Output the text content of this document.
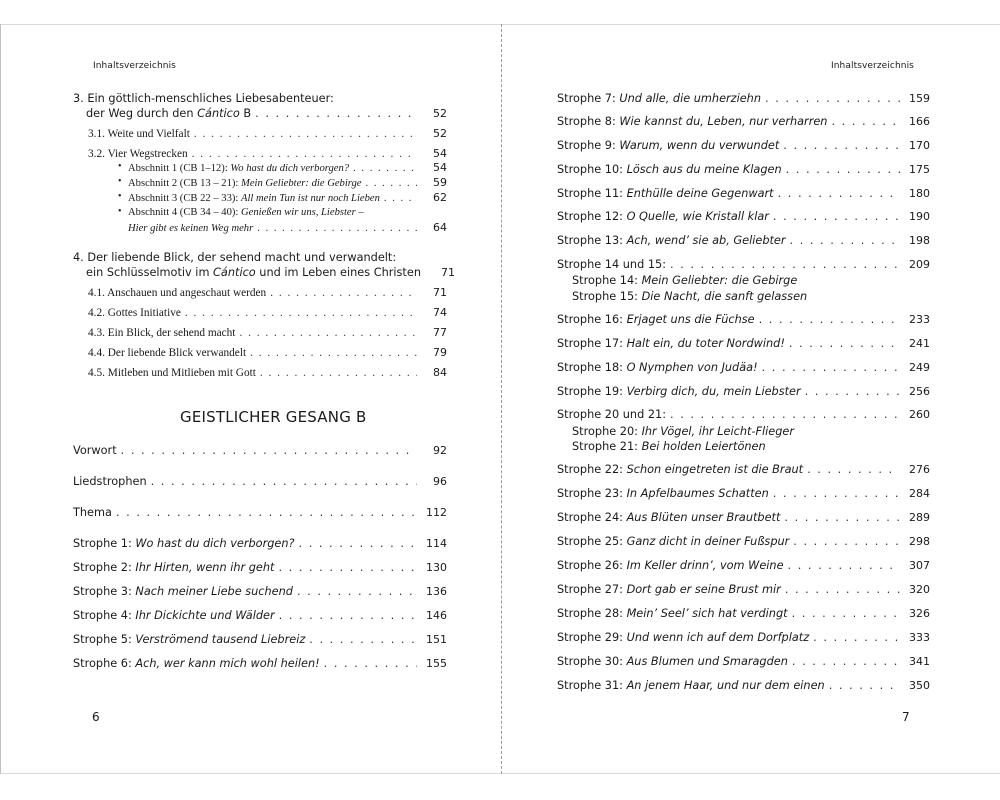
Inhaltsverzeichnis
3. Ein göttlich-menschliches Liebesabenteuer:
der Weg durch den Cántico B . . .	52
3.1. Weite und Vielfalt . . .	52
3.2. Vier Wegstrecken . . .	54
• Abschnitt 1 (CB 1–12): Wo hast du dich verborgen? . . .	54
• Abschnitt 2 (CB 13 – 21): Mein Geliebter: die Gebirge . . .	59
• Abschnitt 3 (CB 22 – 33): All mein Tun ist nur noch Lieben . . .	62
• Abschnitt 4 (CB 34 – 40): Genießen wir uns, Liebster –
Hier gibt es keinen Weg mehr . . .	64
4. Der liebende Blick, der sehend macht und verwandelt:
ein Schlüsselmotiv im Cántico und im Leben eines Christen	71
4.1. Anschauen und angeschaut werden . . .	71
4.2. Gottes Initiative . . .	74
4.3. Ein Blick, der sehend macht . . .	77
4.4. Der liebende Blick verwandelt . . .	79
4.5. Mitleben und Mitlieben mit Gott . . .	84
GEISTLICHER GESANG B
Vorwort . . .	92
Liedstrophen . . .	96
Thema . . .	112
Strophe 1: Wo hast du dich verborgen? . . .	114
Strophe 2: Ihr Hirten, wenn ihr geht . . .	130
Strophe 3: Nach meiner Liebe suchend . . .	136
Strophe 4: Ihr Dickichte und Wälder . . .	146
Strophe 5: Verströmend tausend Liebreiz . . .	151
Strophe 6: Ach, wer kann mich wohl heilen! . . .	155
6
Inhaltsverzeichnis
Strophe 7: Und alle, die umherziehn . . .	159
Strophe 8: Wie kannst du, Leben, nur verharren . . .	166
Strophe 9: Warum, wenn du verwundet . . .	170
Strophe 10: Lösch aus du meine Klagen . . .	175
Strophe 11: Enthülle deine Gegenwart . . .	180
Strophe 12: O Quelle, wie Kristall klar . . .	190
Strophe 13: Ach, wend’ sie ab, Geliebter . . .	198
Strophe 14 und 15: . . .	209
Strophe 14: Mein Geliebter: die Gebirge
Strophe 15: Die Nacht, die sanft gelassen
Strophe 16: Erjaget uns die Füchse . . .	233
Strophe 17: Halt ein, du toter Nordwind! . . .	241
Strophe 18: O Nymphen von Judäa! . . .	249
Strophe 19: Verbirg dich, du, mein Liebster . . .	256
Strophe 20 und 21: . . .	260
Strophe 20: Ihr Vögel, ihr Leicht-Flieger
Strophe 21: Bei holden Leiertönen
Strophe 22: Schon eingetreten ist die Braut . . .	276
Strophe 23: In Apfelbaumes Schatten . . .	284
Strophe 24: Aus Blüten unser Brautbett . . .	289
Strophe 25: Ganz dicht in deiner Fußspur . . .	298
Strophe 26: Im Keller drinn’, vom Weine . . .	307
Strophe 27: Dort gab er seine Brust mir . . .	320
Strophe 28: Mein’ Seel’ sich hat verdingt . . .	326
Strophe 29: Und wenn ich auf dem Dorfplatz . . .	333
Strophe 30: Aus Blumen und Smaragden . . .	341
Strophe 31: An jenem Haar, und nur dem einen . . .	350
7
